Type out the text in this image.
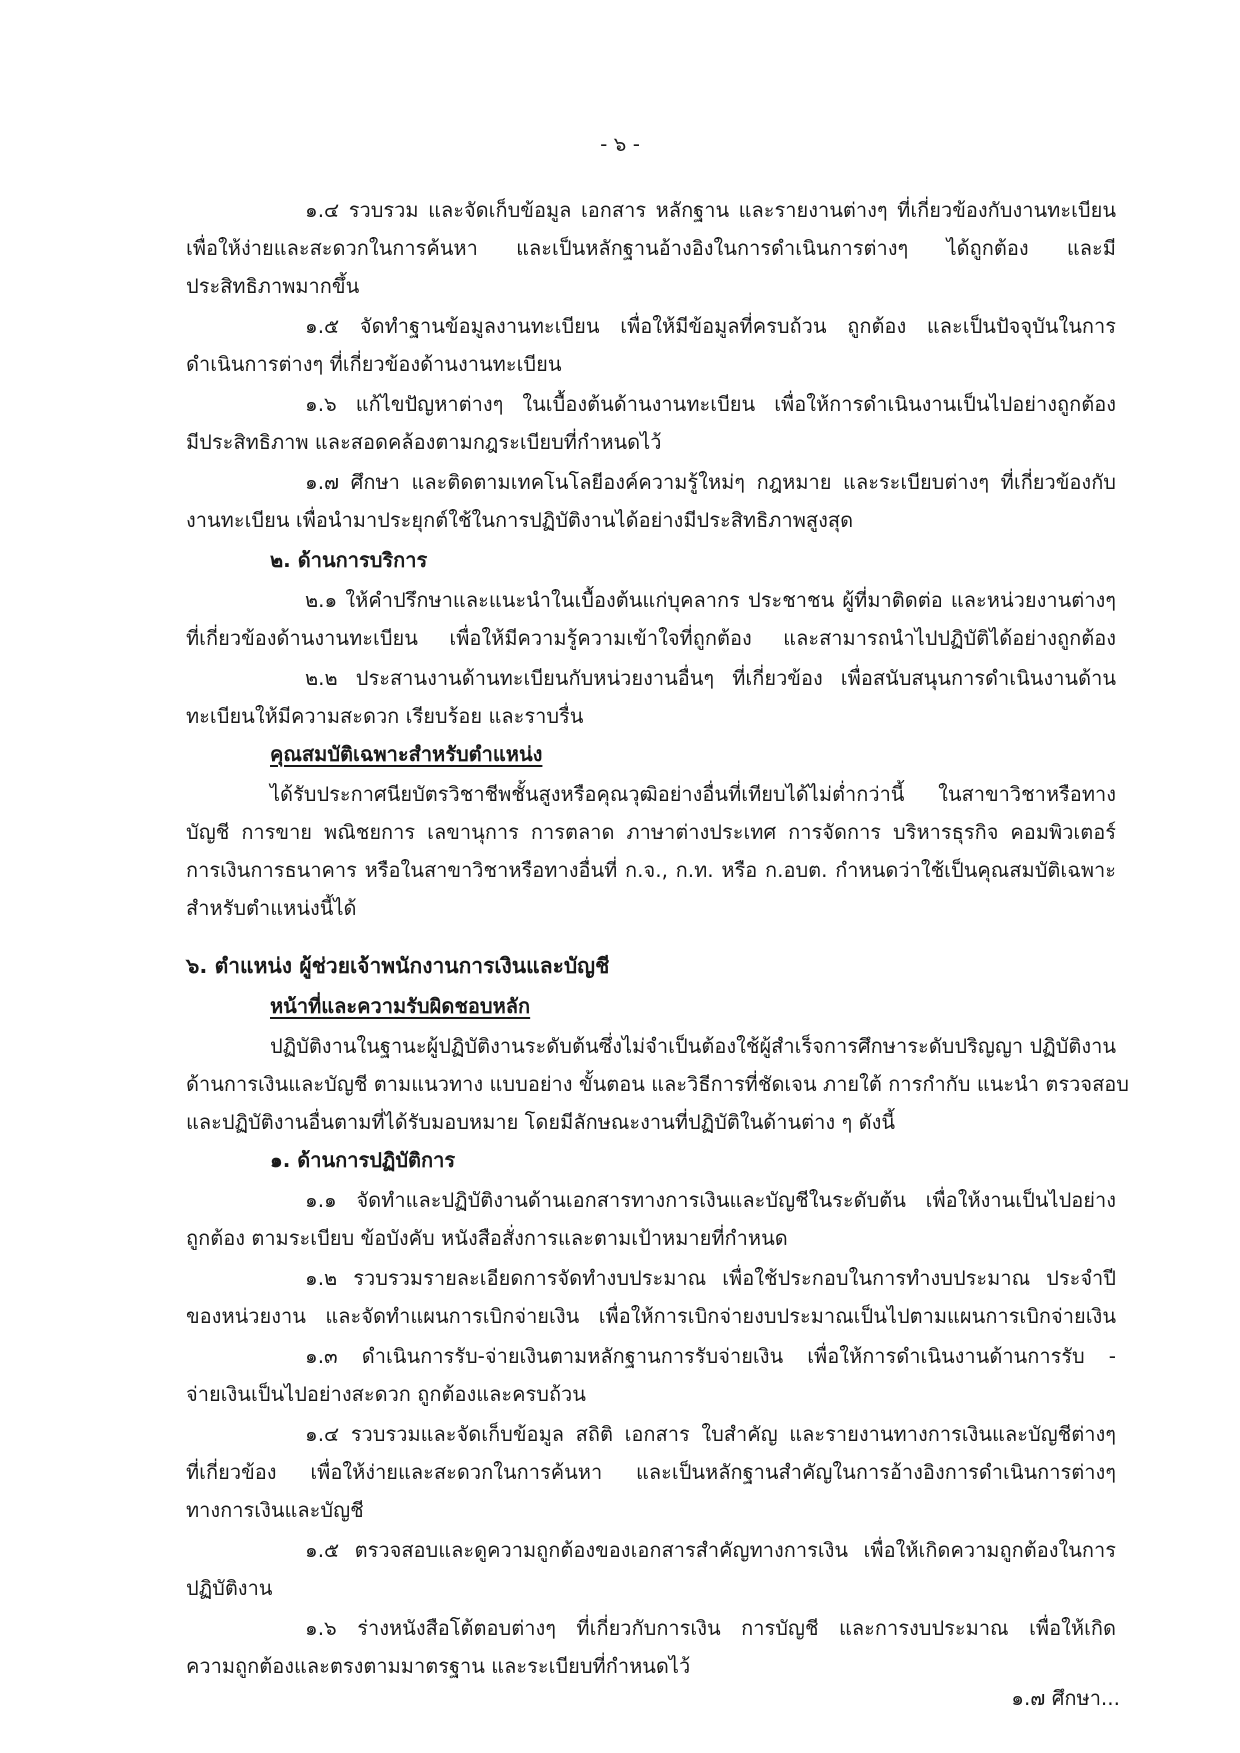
- ๖ -
๑.๔ รวบรวม และจัดเก็บข้อมูล เอกสาร หลักฐาน และรายงานต่างๆ ที่เกี่ยวข้องกับงานทะเบียน
เพื่อให้ง่ายและสะดวกในการค้นหา และเป็นหลักฐานอ้างอิงในการดำเนินการต่างๆ ได้ถูกต้อง และมี
ประสิทธิภาพมากขึ้น
๑.๕ จัดทำฐานข้อมูลงานทะเบียน เพื่อให้มีข้อมูลที่ครบถ้วน ถูกต้อง และเป็นปัจจุบันในการ
ดำเนินการต่างๆ ที่เกี่ยวข้องด้านงานทะเบียน
๑.๖ แก้ไขปัญหาต่างๆ ในเบื้องต้นด้านงานทะเบียน เพื่อให้การดำเนินงานเป็นไปอย่างถูกต้อง
มีประสิทธิภาพ และสอดคล้องตามกฎระเบียบที่กำหนดไว้
๑.๗ ศึกษา และติดตามเทคโนโลยีองค์ความรู้ใหม่ๆ กฎหมาย และระเบียบต่างๆ ที่เกี่ยวข้องกับ
งานทะเบียน เพื่อนำมาประยุกต์ใช้ในการปฏิบัติงานได้อย่างมีประสิทธิภาพสูงสุด
๒. ด้านการบริการ
๒.๑ ให้คำปรึกษาและแนะนำในเบื้องต้นแก่บุคลากร ประชาชน ผู้ที่มาติดต่อ และหน่วยงานต่างๆ
ที่เกี่ยวข้องด้านงานทะเบียน เพื่อให้มีความรู้ความเข้าใจที่ถูกต้อง และสามารถนำไปปฏิบัติได้อย่างถูกต้อง
๒.๒ ประสานงานด้านทะเบียนกับหน่วยงานอื่นๆ ที่เกี่ยวข้อง เพื่อสนับสนุนการดำเนินงานด้าน
ทะเบียนให้มีความสะดวก เรียบร้อย และราบรื่น
คุณสมบัติเฉพาะสำหรับตำแหน่ง
ได้รับประกาศนียบัตรวิชาชีพชั้นสูงหรือคุณวุฒิอย่างอื่นที่เทียบได้ไม่ต่ำกว่านี้ ในสาขาวิชาหรือทาง
บัญชี การขาย พณิชยการ เลขานุการ การตลาด ภาษาต่างประเทศ การจัดการ บริหารธุรกิจ คอมพิวเตอร์
การเงินการธนาคาร หรือในสาขาวิชาหรือทางอื่นที่ ก.จ., ก.ท. หรือ ก.อบต. กำหนดว่าใช้เป็นคุณสมบัติเฉพาะ
สำหรับตำแหน่งนี้ได้
๖. ตำแหน่ง ผู้ช่วยเจ้าพนักงานการเงินและบัญชี
หน้าที่และความรับผิดชอบหลัก
ปฏิบัติงานในฐานะผู้ปฏิบัติงานระดับต้นซึ่งไม่จำเป็นต้องใช้ผู้สำเร็จการศึกษาระดับปริญญา ปฏิบัติงาน
ด้านการเงินและบัญชี ตามแนวทาง แบบอย่าง ขั้นตอน และวิธีการที่ชัดเจน ภายใต้ การกำกับ แนะนำ ตรวจสอบ
และปฏิบัติงานอื่นตามที่ได้รับมอบหมาย โดยมีลักษณะงานที่ปฏิบัติในด้านต่าง ๆ ดังนี้
๑. ด้านการปฏิบัติการ
๑.๑ จัดทำและปฏิบัติงานด้านเอกสารทางการเงินและบัญชีในระดับต้น เพื่อให้งานเป็นไปอย่าง
ถูกต้อง ตามระเบียบ ข้อบังคับ หนังสือสั่งการและตามเป้าหมายที่กำหนด
๑.๒ รวบรวมรายละเอียดการจัดทำงบประมาณ เพื่อใช้ประกอบในการทำงบประมาณ ประจำปี
ของหน่วยงาน และจัดทำแผนการเบิกจ่ายเงิน เพื่อให้การเบิกจ่ายงบประมาณเป็นไปตามแผนการเบิกจ่ายเงิน
๑.๓ ดำเนินการรับ-จ่ายเงินตามหลักฐานการรับจ่ายเงิน เพื่อให้การดำเนินงานด้านการรับ -
จ่ายเงินเป็นไปอย่างสะดวก ถูกต้องและครบถ้วน
๑.๔ รวบรวมและจัดเก็บข้อมูล สถิติ เอกสาร ใบสำคัญ และรายงานทางการเงินและบัญชีต่างๆ
ที่เกี่ยวข้อง เพื่อให้ง่ายและสะดวกในการค้นหา และเป็นหลักฐานสำคัญในการอ้างอิงการดำเนินการต่างๆ
ทางการเงินและบัญชี
๑.๕ ตรวจสอบและดูความถูกต้องของเอกสารสำคัญทางการเงิน เพื่อให้เกิดความถูกต้องในการ
ปฏิบัติงาน
๑.๖ ร่างหนังสือโต้ตอบต่างๆ ที่เกี่ยวกับการเงิน การบัญชี และการงบประมาณ เพื่อให้เกิด
ความถูกต้องและตรงตามมาตรฐาน และระเบียบที่กำหนดไว้
๑.๗ ศึกษา...
